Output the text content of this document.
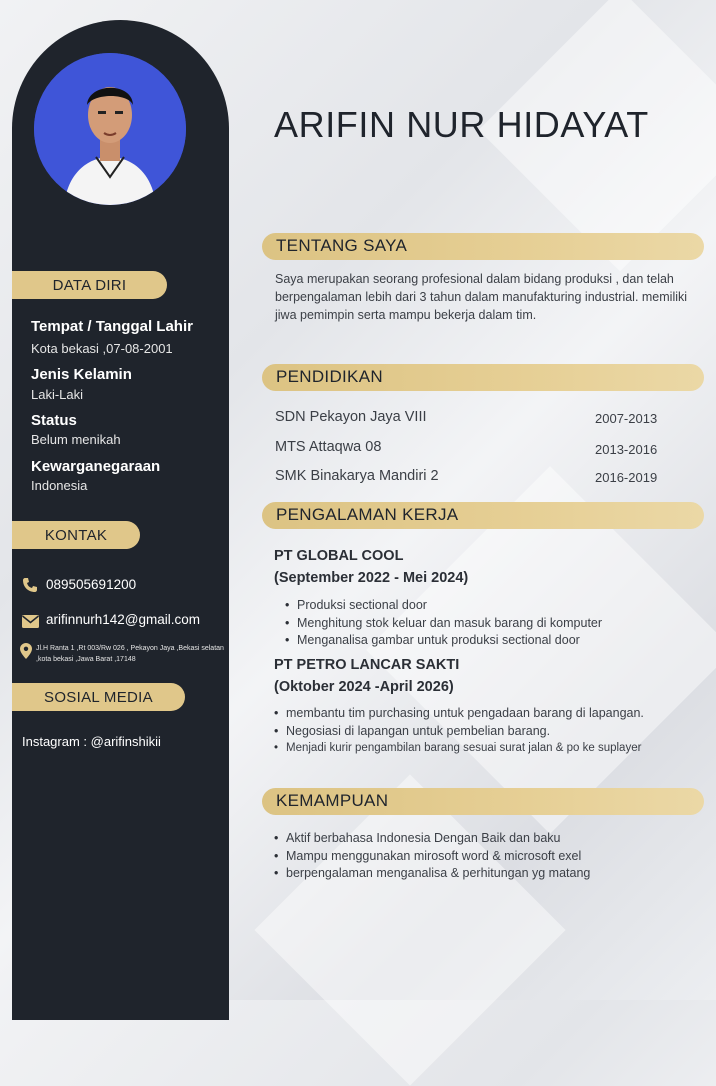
DATA DIRI
Tempat / Tanggal Lahir
Kota bekasi ,07-08-2001
Jenis Kelamin
Laki-Laki
Status
Belum menikah
Kewarganegaraan
Indonesia
KONTAK
089505691200
arifinnurh142@gmail.com
Jl.H Ranta 1 ,Rt 003/Rw 026 , Pekayon Jaya ,Bekasi selatan ,kota bekasi ,Jawa Barat ,17148
SOSIAL MEDIA
Instagram : @arifinshikii
ARIFIN NUR HIDAYAT
TENTANG SAYA
Saya merupakan seorang profesional dalam bidang produksi , dan telah berpengalaman lebih dari 3 tahun dalam manufakturing industrial. memiliki jiwa pemimpin serta mampu bekerja dalam tim.
PENDIDIKAN
SDN Pekayon Jaya VIII	2007-2013
MTS Attaqwa 08	2013-2016
SMK Binakarya Mandiri 2	2016-2019
PENGALAMAN KERJA
PT GLOBAL COOL
(September 2022 - Mei 2024)
• Produksi sectional door
• Menghitung stok keluar dan masuk barang di komputer
• Menganalisa gambar untuk produksi sectional door
PT PETRO LANCAR SAKTI
(Oktober 2024 -April 2026)
• membantu tim purchasing untuk pengadaan barang di lapangan.
• Negosiasi di lapangan untuk pembelian barang.
• Menjadi kurir pengambilan barang sesuai surat jalan & po ke suplayer
KEMAMPUAN
• Aktif berbahasa Indonesia Dengan Baik dan baku
• Mampu menggunakan mirosoft word & microsoft exel
• berpengalaman menganalisa & perhitungan yg matang
